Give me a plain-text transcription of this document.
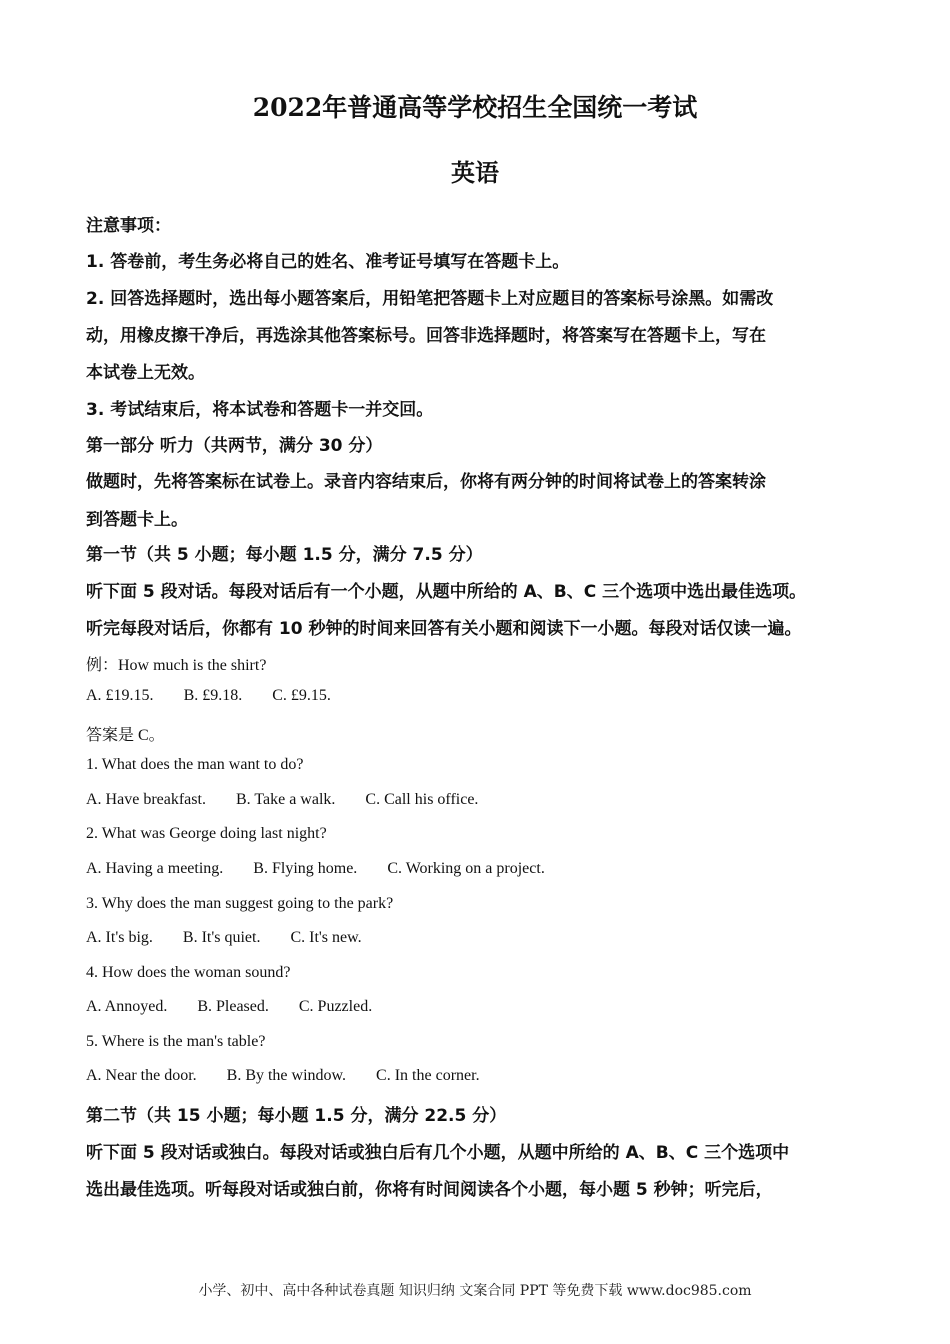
2022年普通高等学校招生全国统一考试
英语
注意事项：
1. 答卷前，考生务必将自己的姓名、准考证号填写在答题卡上。
2. 回答选择题时，选出每小题答案后，用铅笔把答题卡上对应题目的答案标号涂黑。如需改
动，用橡皮擦干净后，再选涂其他答案标号。回答非选择题时，将答案写在答题卡上，写在
本试卷上无效。
3. 考试结束后，将本试卷和答题卡一并交回。
第一部分 听力（共两节，满分 30 分）
做题时，先将答案标在试卷上。录音内容结束后，你将有两分钟的时间将试卷上的答案转涂
到答题卡上。
第一节（共 5 小题；每小题 1.5 分，满分 7.5 分）
听下面 5 段对话。每段对话后有一个小题，从题中所给的 A、B、C 三个选项中选出最佳选项。
听完每段对话后，你都有 10 秒钟的时间来回答有关小题和阅读下一小题。每段对话仅读一遍。
例：How much is the shirt?
A. £19.15. B. £9.18. C. £9.15.
答案是 C。
1. What does the man want to do?
A. Have breakfast. B. Take a walk. C. Call his office.
2. What was George doing last night?
A. Having a meeting. B. Flying home. C. Working on a project.
3. Why does the man suggest going to the park?
A. It's big. B. It's quiet. C. It's new.
4. How does the woman sound?
A. Annoyed. B. Pleased. C. Puzzled.
5. Where is the man's table?
A. Near the door. B. By the window. C. In the corner.
第二节（共 15 小题；每小题 1.5 分，满分 22.5 分）
听下面 5 段对话或独白。每段对话或独白后有几个小题，从题中所给的 A、B、C 三个选项中
选出最佳选项。听每段对话或独白前，你将有时间阅读各个小题，每小题 5 秒钟；听完后，
小学、初中、高中各种试卷真题 知识归纳 文案合同 PPT 等免费下载 www.doc985.com
